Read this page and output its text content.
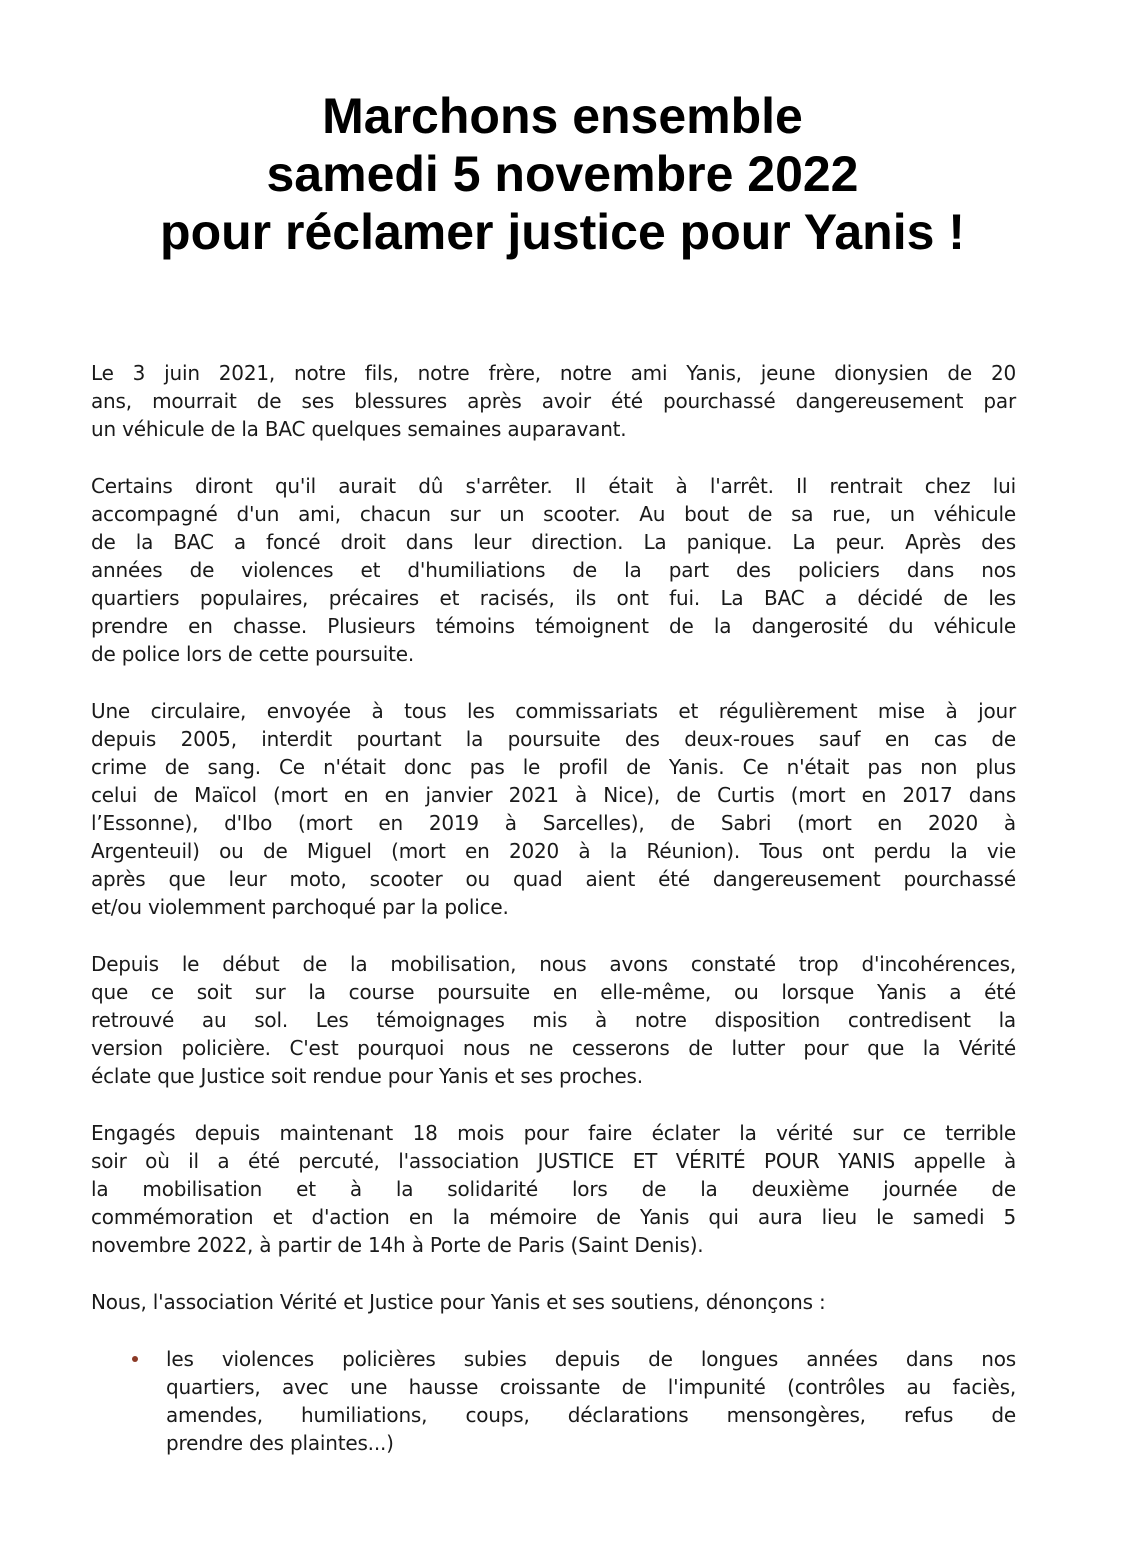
Marchons ensemble
samedi 5 novembre 2022
pour réclamer justice pour Yanis !

Le 3 juin 2021, notre fils, notre frère, notre ami Yanis, jeune dionysien de 20
ans, mourrait de ses blessures après avoir été pourchassé dangereusement par
un véhicule de la BAC quelques semaines auparavant.

Certains diront qu'il aurait dû s'arrêter. Il était à l'arrêt. Il rentrait chez lui
accompagné d'un ami, chacun sur un scooter. Au bout de sa rue, un véhicule
de la BAC a foncé droit dans leur direction. La panique. La peur. Après des
années de violences et d'humiliations de la part des policiers dans nos
quartiers populaires, précaires et racisés, ils ont fui. La BAC a décidé de les
prendre en chasse. Plusieurs témoins témoignent de la dangerosité du véhicule
de police lors de cette poursuite.

Une circulaire, envoyée à tous les commissariats et régulièrement mise à jour
depuis 2005, interdit pourtant la poursuite des deux-roues sauf en cas de
crime de sang. Ce n'était donc pas le profil de Yanis. Ce n'était pas non plus
celui de Maïcol (mort en en janvier 2021 à Nice), de Curtis (mort en 2017 dans
l’Essonne), d'Ibo (mort en 2019 à Sarcelles), de Sabri (mort en 2020 à
Argenteuil) ou de Miguel (mort en 2020 à la Réunion). Tous ont perdu la vie
après que leur moto, scooter ou quad aient été dangereusement pourchassé
et/ou violemment parchoqué par la police.

Depuis le début de la mobilisation, nous avons constaté trop d'incohérences,
que ce soit sur la course poursuite en elle-même, ou lorsque Yanis a été
retrouvé au sol. Les témoignages mis à notre disposition contredisent la
version policière. C'est pourquoi nous ne cesserons de lutter pour que la Vérité
éclate que Justice soit rendue pour Yanis et ses proches.

Engagés depuis maintenant 18 mois pour faire éclater la vérité sur ce terrible
soir où il a été percuté, l'association JUSTICE ET VÉRITÉ POUR YANIS appelle à
la mobilisation et à la solidarité lors de la deuxième journée de
commémoration et d'action en la mémoire de Yanis qui aura lieu le samedi 5
novembre 2022, à partir de 14h à Porte de Paris (Saint Denis).

Nous, l'association Vérité et Justice pour Yanis et ses soutiens, dénonçons :

les violences policières subies depuis de longues années dans nos
quartiers, avec une hausse croissante de l'impunité (contrôles au faciès,
amendes, humiliations, coups, déclarations mensongères, refus de
prendre des plaintes...)
